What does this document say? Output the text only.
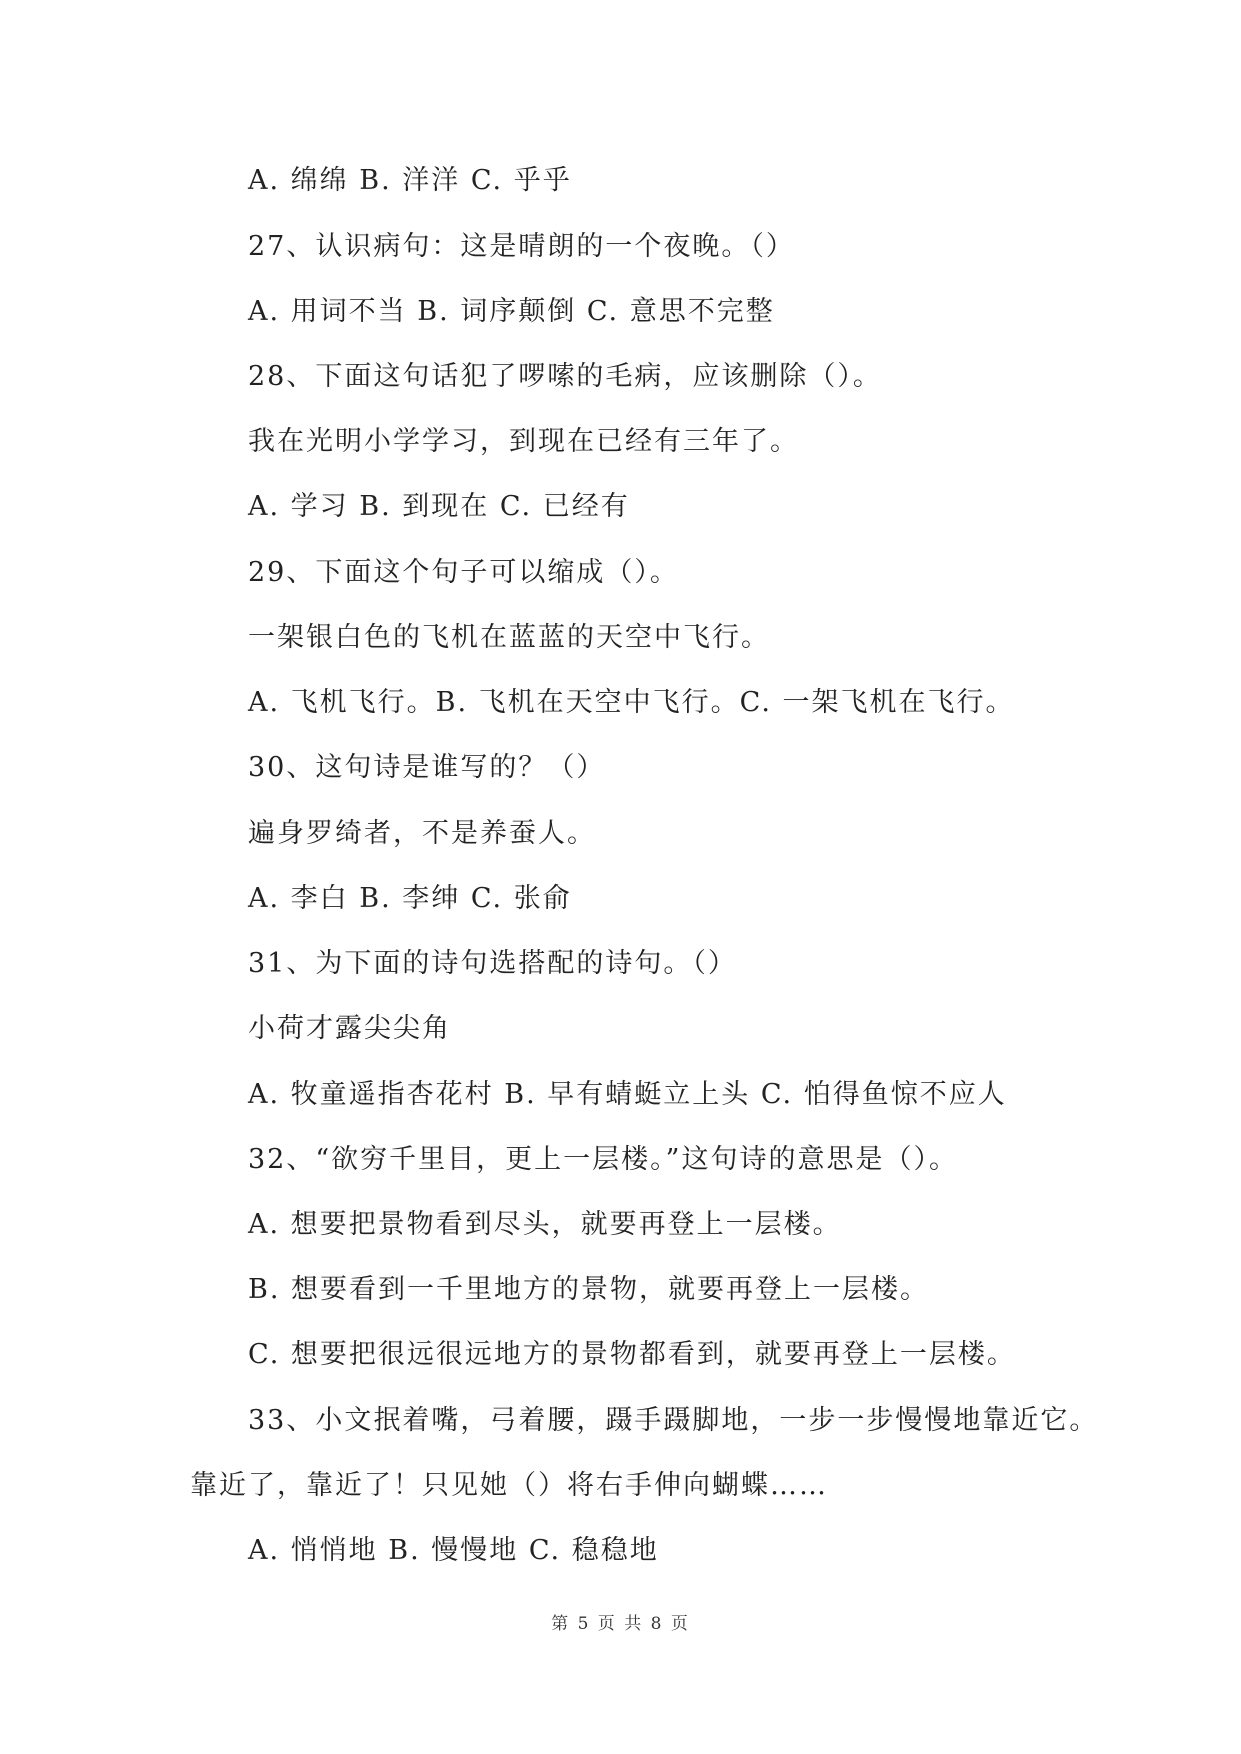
A. 绵绵 B. 洋洋 C. 乎乎
27、认识病句：这是晴朗的一个夜晚。（）
A. 用词不当 B. 词序颠倒 C. 意思不完整
28、下面这句话犯了啰嗦的毛病，应该删除（）。
我在光明小学学习，到现在已经有三年了。
A. 学习 B. 到现在 C. 已经有
29、下面这个句子可以缩成（）。
一架银白色的飞机在蓝蓝的天空中飞行。
A. 飞机飞行。B. 飞机在天空中飞行。C. 一架飞机在飞行。
30、这句诗是谁写的？（）
遍身罗绮者，不是养蚕人。
A. 李白 B. 李绅 C. 张俞
31、为下面的诗句选搭配的诗句。（）
小荷才露尖尖角
A. 牧童遥指杏花村 B. 早有蜻蜓立上头 C. 怕得鱼惊不应人
32、“欲穷千里目，更上一层楼。”这句诗的意思是（）。
A. 想要把景物看到尽头，就要再登上一层楼。
B. 想要看到一千里地方的景物，就要再登上一层楼。
C. 想要把很远很远地方的景物都看到，就要再登上一层楼。
33、小文抿着嘴，弓着腰，蹑手蹑脚地，一步一步慢慢地靠近它。
靠近了，靠近了！只见她（）将右手伸向蝴蝶……
A. 悄悄地 B. 慢慢地 C. 稳稳地
第 5 页 共 8 页
